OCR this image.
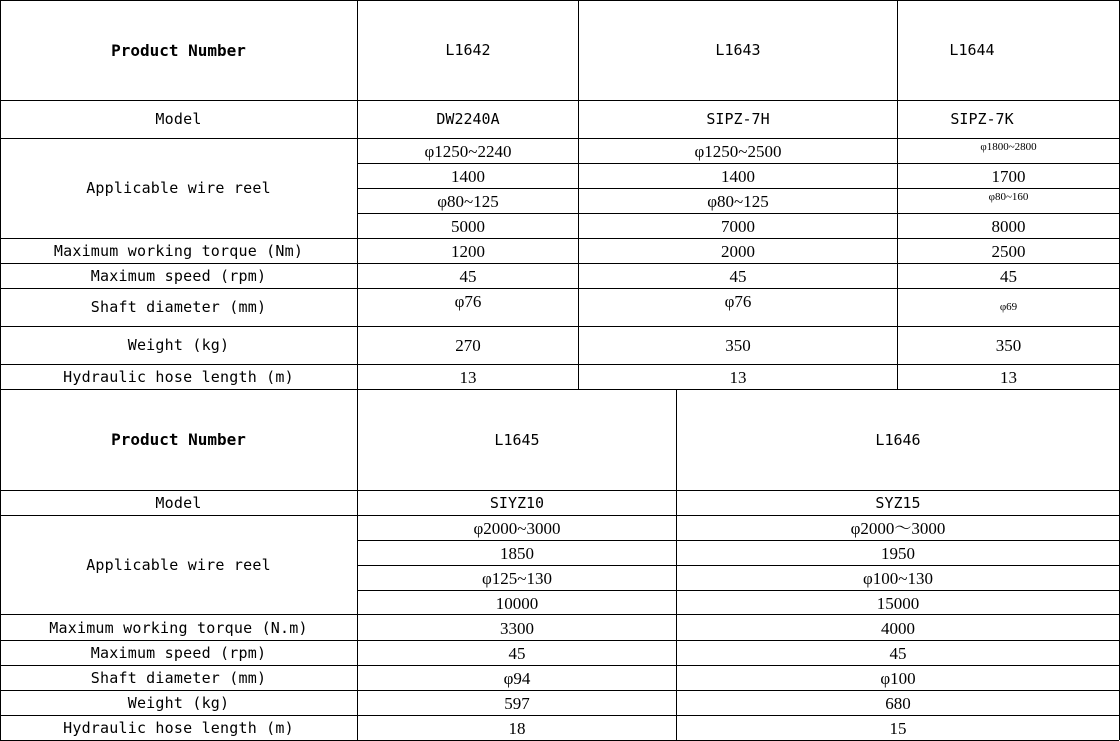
Product Number	L1642	L1643	L1644
Model	DW2240A	SIPZ-7H	SIPZ-7K
Applicable wire reel
φ1250~2240	φ1250~2500	φ1800~2800
1400	1400	1700
φ80~125	φ80~125	φ80~160
5000	7000	8000
Maximum working torque (Nm)	1200	2000	2500
Maximum speed (rpm)	45	45	45
Shaft diameter (mm)	φ76	φ76	φ69
Weight (kg)	270	350	350
Hydraulic hose length (m)	13	13	13
Product Number	L1645	L1646
Model	SIYZ10	SYZ15
Applicable wire reel
φ2000~3000	φ2000～3000
1850	1950
φ125~130	φ100~130
10000	15000
Maximum working torque (N.m)	3300	4000
Maximum speed (rpm)	45	45
Shaft diameter (mm)	φ94	φ100
Weight (kg)	597	680
Hydraulic hose length (m)	18	15
